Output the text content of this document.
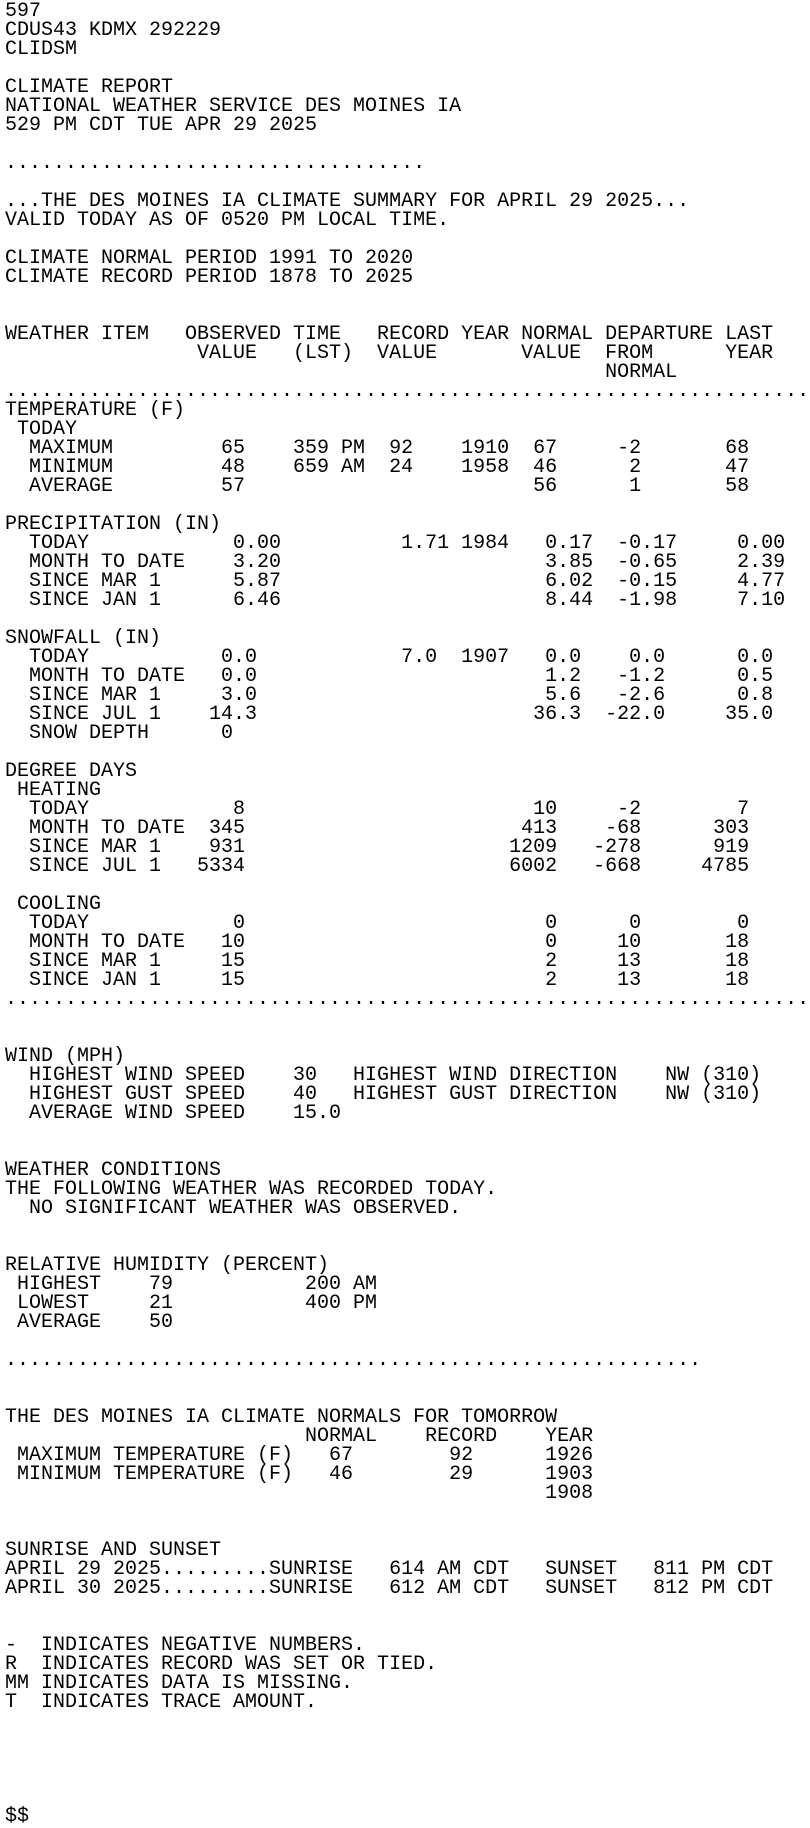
597
CDUS43 KDMX 292229
CLIDSM
CLIMATE REPORT
NATIONAL WEATHER SERVICE DES MOINES IA
529 PM CDT TUE APR 29 2025
...................................
...THE DES MOINES IA CLIMATE SUMMARY FOR APRIL 29 2025...
VALID TODAY AS OF 0520 PM LOCAL TIME.
CLIMATE NORMAL PERIOD 1991 TO 2020
CLIMATE RECORD PERIOD 1878 TO 2025
WEATHER ITEM   OBSERVED TIME   RECORD YEAR NORMAL DEPARTURE LAST
VALUE   (LST)  VALUE       VALUE  FROM      YEAR
NORMAL
...................................................................
TEMPERATURE (F)
TODAY
MAXIMUM         65    359 PM  92    1910  67     -2       68
MINIMUM         48    659 AM  24    1958  46      2       47
AVERAGE         57                        56      1       58
PRECIPITATION (IN)
TODAY            0.00          1.71 1984   0.17  -0.17     0.00
MONTH TO DATE    3.20                      3.85  -0.65     2.39
SINCE MAR 1      5.87                      6.02  -0.15     4.77
SINCE JAN 1      6.46                      8.44  -1.98     7.10
SNOWFALL (IN)
TODAY           0.0            7.0  1907   0.0    0.0      0.0
MONTH TO DATE   0.0                        1.2   -1.2      0.5
SINCE MAR 1     3.0                        5.6   -2.6      0.8
SINCE JUL 1    14.3                       36.3  -22.0     35.0
SNOW DEPTH      0
DEGREE DAYS
HEATING
TODAY            8                        10     -2        7
MONTH TO DATE  345                       413    -68      303
SINCE MAR 1    931                      1209   -278      919
SINCE JUL 1   5334                      6002   -668     4785
COOLING
TODAY            0                         0      0        0
MONTH TO DATE   10                         0     10       18
SINCE MAR 1     15                         2     13       18
SINCE JAN 1     15                         2     13       18
...................................................................
WIND (MPH)
HIGHEST WIND SPEED    30   HIGHEST WIND DIRECTION    NW (310)
HIGHEST GUST SPEED    40   HIGHEST GUST DIRECTION    NW (310)
AVERAGE WIND SPEED    15.0
WEATHER CONDITIONS
THE FOLLOWING WEATHER WAS RECORDED TODAY.
NO SIGNIFICANT WEATHER WAS OBSERVED.
RELATIVE HUMIDITY (PERCENT)
HIGHEST    79           200 AM
LOWEST     21           400 PM
AVERAGE    50
..........................................................
THE DES MOINES IA CLIMATE NORMALS FOR TOMORROW
NORMAL    RECORD    YEAR
MAXIMUM TEMPERATURE (F)   67        92      1926
MINIMUM TEMPERATURE (F)   46        29      1903
1908
SUNRISE AND SUNSET
APRIL 29 2025.........SUNRISE   614 AM CDT   SUNSET   811 PM CDT
APRIL 30 2025.........SUNRISE   612 AM CDT   SUNSET   812 PM CDT
-  INDICATES NEGATIVE NUMBERS.
R  INDICATES RECORD WAS SET OR TIED.
MM INDICATES DATA IS MISSING.
T  INDICATES TRACE AMOUNT.
$$
